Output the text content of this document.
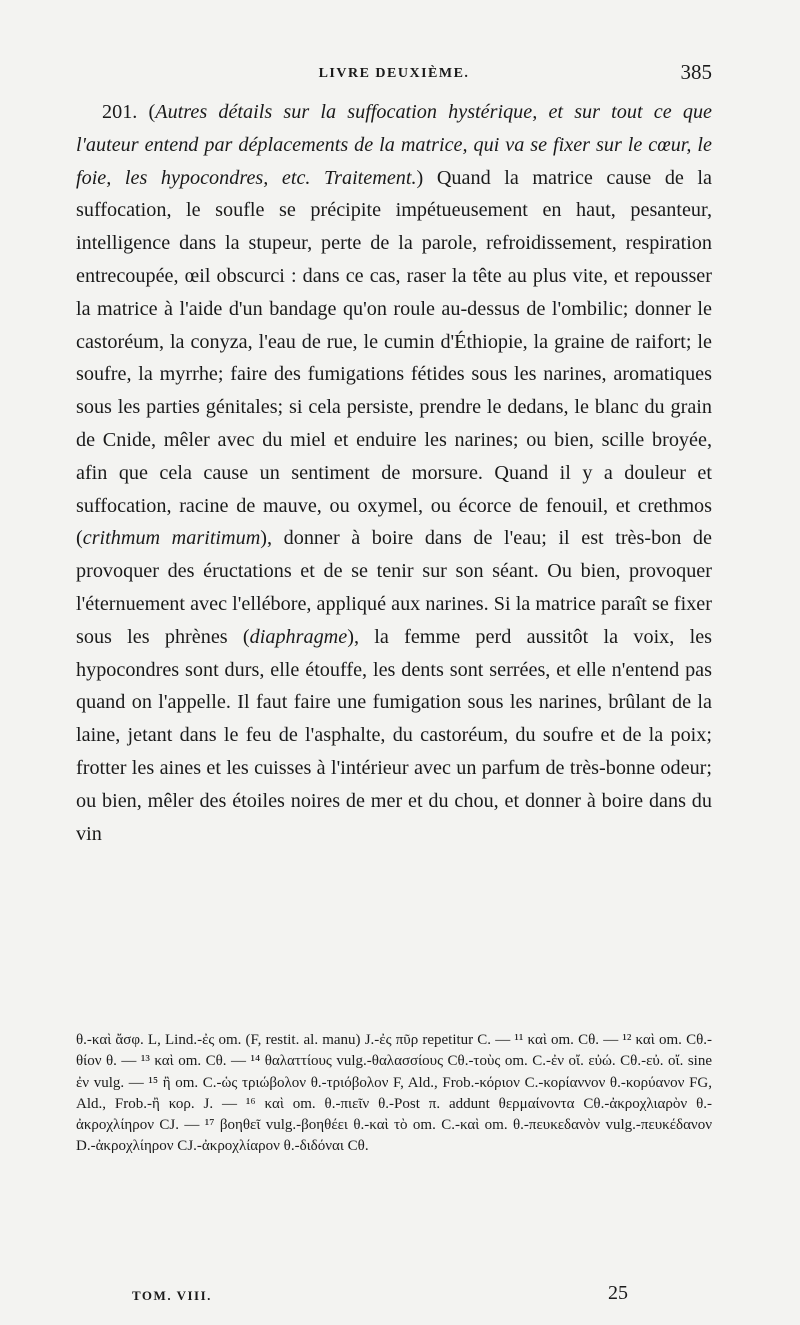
LIVRE DEUXIÈME.	385

201. (Autres détails sur la suffocation hystérique, et sur tout ce que l'auteur entend par déplacements de la matrice, qui va se fixer sur le cœur, le foie, les hypocondres, etc. Traitement.) Quand la matrice cause de la suffocation, le soufle se précipite impétueusement en haut, pesanteur, intelligence dans la stupeur, perte de la parole, refroidissement, respiration entrecoupée, œil obscurci : dans ce cas, raser la tête au plus vite, et repousser la matrice à l'aide d'un bandage qu'on roule au-dessus de l'ombilic; donner le castoréum, la conyza, l'eau de rue, le cumin d'Éthiopie, la graine de raifort; le soufre, la myrrhe; faire des fumigations fétides sous les narines, aromatiques sous les parties génitales; si cela persiste, prendre le dedans, le blanc du grain de Cnide, mêler avec du miel et enduire les narines; ou bien, scille broyée, afin que cela cause un sentiment de morsure. Quand il y a douleur et suffocation, racine de mauve, ou oxymel, ou écorce de fenouil, et crethmos (crithmum maritimum), donner à boire dans de l'eau; il est très-bon de provoquer des éructations et de se tenir sur son séant. Ou bien, provoquer l'éternuement avec l'ellébore, appliqué aux narines. Si la matrice paraît se fixer sous les phrènes (diaphragme), la femme perd aussitôt la voix, les hypocondres sont durs, elle étouffe, les dents sont serrées, et elle n'entend pas quand on l'appelle. Il faut faire une fumigation sous les narines, brûlant de la laine, jetant dans le feu de l'asphalte, du castoréum, du soufre et de la poix; frotter les aines et les cuisses à l'intérieur avec un parfum de très-bonne odeur; ou bien, mêler des étoiles noires de mer et du chou, et donner à boire dans du vin

θ.-καὶ ἄσφ. L, Lind.-ἐς om. (F, restit. al. manu) J.-ἐς πῦρ repetitur C. — ¹¹ καὶ om. Cθ. — ¹² καὶ om. Cθ.-θίον θ. — ¹³ καὶ om. Cθ. — ¹⁴ θαλαττίους vulg.-θαλασσίους Cθ.-τοὺς om. C.-ἐν οἴ. εὐώ. Cθ.-εὐ. οἴ. sine ἐν vulg. — ¹⁵ ἢ om. C.-ὡς τριώβολον θ.-τριόβολον F, Ald., Frob.-κόριον C.-κορίαννον θ.-κορύανον FG, Ald., Frob.-ἢ κορ. J. — ¹⁶ καὶ om. θ.-πιεῖν θ.-Post π. addunt θερμαίνοντα Cθ.-ἀκροχλιαρὸν θ.-ἀκροχλίηρον CJ. — ¹⁷ βοηθεῖ vulg.-βοηθέει θ.-καὶ τὸ om. C.-καὶ om. θ.-πευκεδανὸν vulg.-πευκέδανον D.-ἀκροχλίηρον CJ.-ἀκροχλίαρον θ.-διδόναι Cθ.

TOM. VIII.	25
